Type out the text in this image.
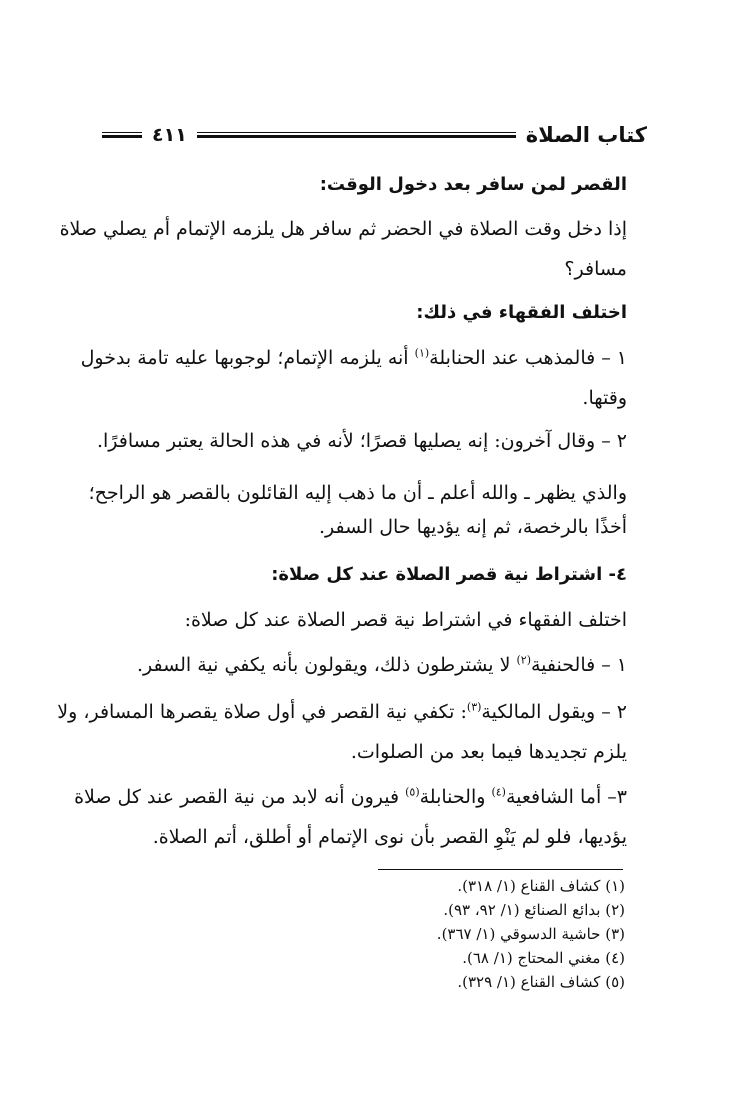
كتاب الصلاة
٤١١
القصر لمن سافر بعد دخول الوقت:
إذا دخل وقت الصلاة في الحضر ثم سافر هل يلزمه الإتمام أم يصلي صلاة
مسافر؟
اختلف الفقهاء في ذلك:
١ – فالمذهب عند الحنابلة$^{(١)}$ أنه يلزمه الإتمام؛ لوجوبها عليه تامة بدخول
وقتها.
٢ – وقال آخرون: إنه يصليها قصرًا؛ لأنه في هذه الحالة يعتبر مسافرًا.
والذي يظهر ـ والله أعلم ـ أن ما ذهب إليه القائلون بالقصر هو الراجح؛
أخذًا بالرخصة، ثم إنه يؤديها حال السفر.
٤- اشتراط نية قصر الصلاة عند كل صلاة:
اختلف الفقهاء في اشتراط نية قصر الصلاة عند كل صلاة:
١ – فالحنفية$^{(٢)}$ لا يشترطون ذلك، ويقولون بأنه يكفي نية السفر.
٢ – ويقول المالكية$^{(٣)}$: تكفي نية القصر في أول صلاة يقصرها المسافر، ولا
يلزم تجديدها فيما بعد من الصلوات.
٣– أما الشافعية$^{(٤)}$ والحنابلة$^{(٥)}$ فيرون أنه لابد من نية القصر عند كل صلاة
يؤديها، فلو لم يَنْوِ القصر بأن نوى الإتمام أو أطلق، أتم الصلاة.
(١) كشاف القناع (١/ ٣١٨).
(٢) بدائع الصنائع (١/ ٩٢، ٩٣).
(٣) حاشية الدسوقي (١/ ٣٦٧).
(٤) مغني المحتاج (١/ ٦٨).
(٥) كشاف القناع (١/ ٣٢٩).
